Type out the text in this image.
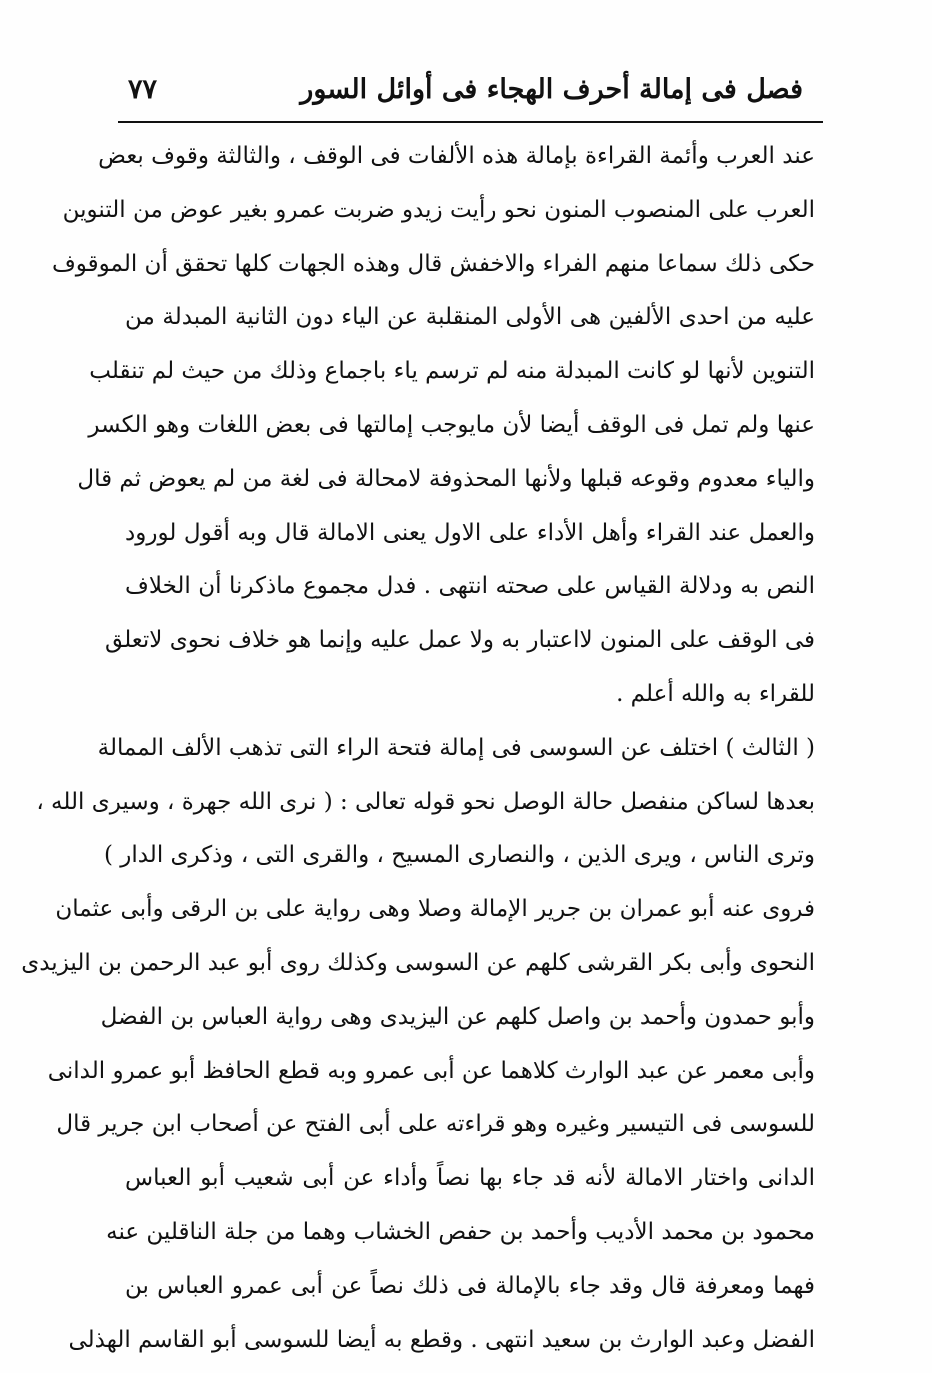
فصل فى إمالة أحرف الهجاء فى أوائل السور
٧٧
عند العرب وأئمة القراءة بإمالة هذه الألفات فى الوقف ، والثالثة وقوف بعض
العرب على المنصوب المنون نحو رأيت زيدو ضربت عمرو بغير عوض من التنوين
حكى ذلك سماعا منهم الفراء والاخفش قال وهذه الجهات كلها تحقق أن الموقوف
عليه من احدى الألفين هى الأولى المنقلبة عن الياء دون الثانية المبدلة من
التنوين لأنها لو كانت المبدلة منه لم ترسم ياء باجماع وذلك من حيث لم تنقلب
عنها ولم تمل فى الوقف أيضا لأن مايوجب إمالتها فى بعض اللغات وهو الكسر
والياء معدوم وقوعه قبلها ولأنها المحذوفة لامحالة فى لغة من لم يعوض ثم قال
والعمل عند القراء وأهل الأداء على الاول يعنى الامالة قال وبه أقول لورود
النص به ودلالة القياس على صحته انتهى . فدل مجموع ماذكرنا أن الخلاف
فى الوقف على المنون لااعتبار به ولا عمل عليه وإنما هو خلاف نحوى لاتعلق
للقراء به والله أعلم .
( الثالث ) اختلف عن السوسى فى إمالة فتحة الراء التى تذهب الألف الممالة
بعدها لساكن منفصل حالة الوصل نحو قوله تعالى : ( نرى الله جهرة ، وسيرى الله ،
وترى الناس ، ويرى الذين ، والنصارى المسيح ، والقرى التى ، وذكرى الدار )
فروى عنه أبو عمران بن جرير الإمالة وصلا وهى رواية على بن الرقى وأبى عثمان
النحوى وأبى بكر القرشى كلهم عن السوسى وكذلك روى أبو عبد الرحمن بن اليزيدى
وأبو حمدون وأحمد بن واصل كلهم عن اليزيدى وهى رواية العباس بن الفضل
وأبى معمر عن عبد الوارث كلاهما عن أبى عمرو وبه قطع الحافظ أبو عمرو الدانى
للسوسى فى التيسير وغيره وهو قراءته على أبى الفتح عن أصحاب ابن جرير قال
الدانى واختار الامالة لأنه قد جاء بها نصاً وأداء عن أبى شعيب أبو العباس
محمود بن محمد الأديب وأحمد بن حفص الخشاب وهما من جلة الناقلين عنه
فهما ومعرفة قال وقد جاء بالإمالة فى ذلك نصاً عن أبى عمرو العباس بن
الفضل وعبد الوارث بن سعيد انتهى . وقطع به أيضا للسوسى أبو القاسم الهذلى
